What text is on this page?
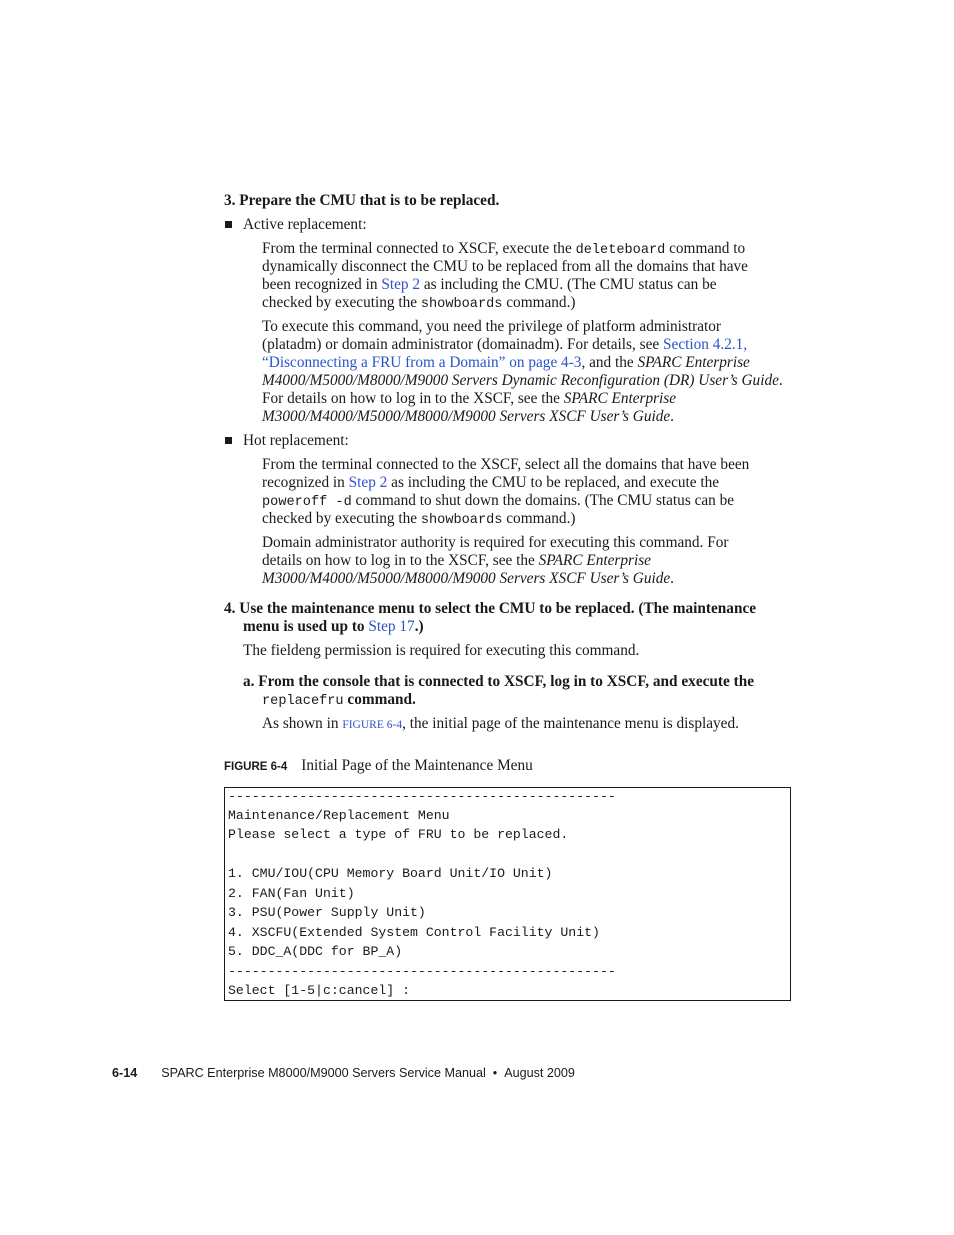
3. Prepare the CMU that is to be replaced.

Active replacement:

From the terminal connected to XSCF, execute the deleteboard command to

dynamically disconnect the CMU to be replaced from all the domains that have

been recognized in Step 2 as including the CMU. (The CMU status can be

checked by executing the showboards command.)

To execute this command, you need the privilege of platform administrator

(platadm) or domain administrator (domainadm). For details, see Section 4.2.1,

“Disconnecting a FRU from a Domain” on page 4-3, and the SPARC Enterprise

M4000/M5000/M8000/M9000 Servers Dynamic Reconfiguration (DR) User’s Guide.

For details on how to log in to the XSCF, see the SPARC Enterprise

M3000/M4000/M5000/M8000/M9000 Servers XSCF User’s Guide.

Hot replacement:

From the terminal connected to the XSCF, select all the domains that have been

recognized in Step 2 as including the CMU to be replaced, and execute the

poweroff -d command to shut down the domains. (The CMU status can be

checked by executing the showboards command.)

Domain administrator authority is required for executing this command. For

details on how to log in to the XSCF, see the SPARC Enterprise

M3000/M4000/M5000/M8000/M9000 Servers XSCF User’s Guide.

4. Use the maintenance menu to select the CMU to be replaced. (The maintenance

menu is used up to Step 17.)

The fieldeng permission is required for executing this command.

a. From the console that is connected to XSCF, log in to XSCF, and execute the

replacefru command.

As shown in FIGURE 6-4, the initial page of the maintenance menu is displayed.

FIGURE 6-4 Initial Page of the Maintenance Menu

-------------------------------------------------
Maintenance/Replacement Menu
Please select a type of FRU to be replaced.
1. CMU/IOU(CPU Memory Board Unit/IO Unit)
2. FAN(Fan Unit)
3. PSU(Power Supply Unit)
4. XSCFU(Extended System Control Facility Unit)
5. DDC_A(DDC for BP_A)
-------------------------------------------------
Select [1-5|c:cancel] :

6-14 SPARC Enterprise M8000/M9000 Servers Service Manual • August 2009
